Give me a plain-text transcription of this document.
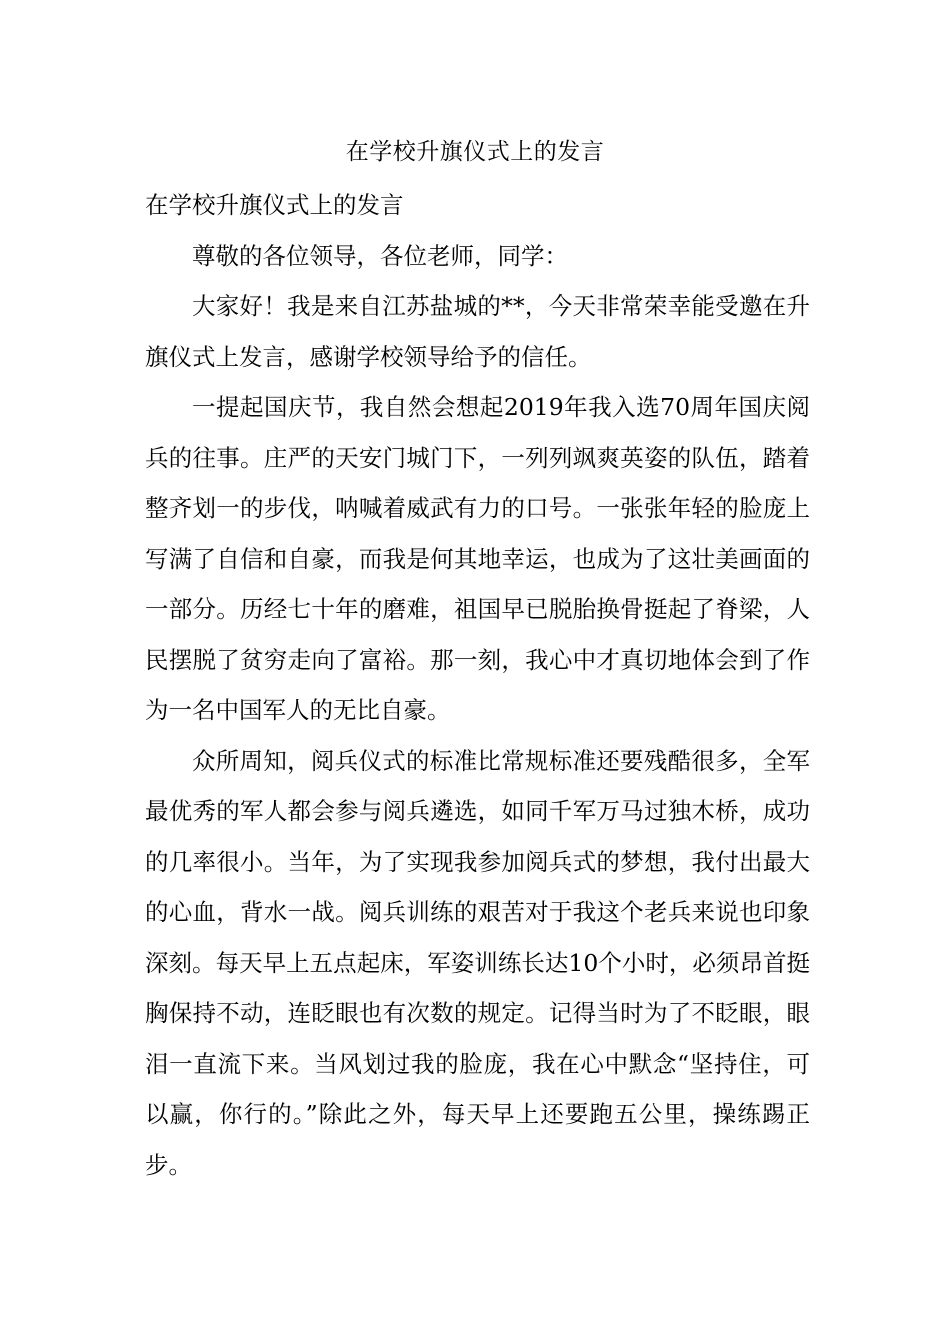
在学校升旗仪式上的发言

在学校升旗仪式上的发言

尊敬的各位领导，各位老师，同学：

大家好！我是来自江苏盐城的**，今天非常荣幸能受邀在升旗仪式上发言，感谢学校领导给予的信任。

一提起国庆节，我自然会想起2019年我入选70周年国庆阅兵的往事。庄严的天安门城门下，一列列飒爽英姿的队伍，踏着整齐划一的步伐，呐喊着威武有力的口号。一张张年轻的脸庞上写满了自信和自豪，而我是何其地幸运，也成为了这壮美画面的一部分。历经七十年的磨难，祖国早已脱胎换骨挺起了脊梁，人民摆脱了贫穷走向了富裕。那一刻，我心中才真切地体会到了作为一名中国军人的无比自豪。

众所周知，阅兵仪式的标准比常规标准还要残酷很多，全军最优秀的军人都会参与阅兵遴选，如同千军万马过独木桥，成功的几率很小。当年，为了实现我参加阅兵式的梦想，我付出最大的心血，背水一战。阅兵训练的艰苦对于我这个老兵来说也印象深刻。每天早上五点起床，军姿训练长达10个小时，必须昂首挺胸保持不动，连眨眼也有次数的规定。记得当时为了不眨眼，眼泪一直流下来。当风划过我的脸庞，我在心中默念“坚持住，可以赢，你行的。”除此之外，每天早上还要跑五公里，操练踢正步。
